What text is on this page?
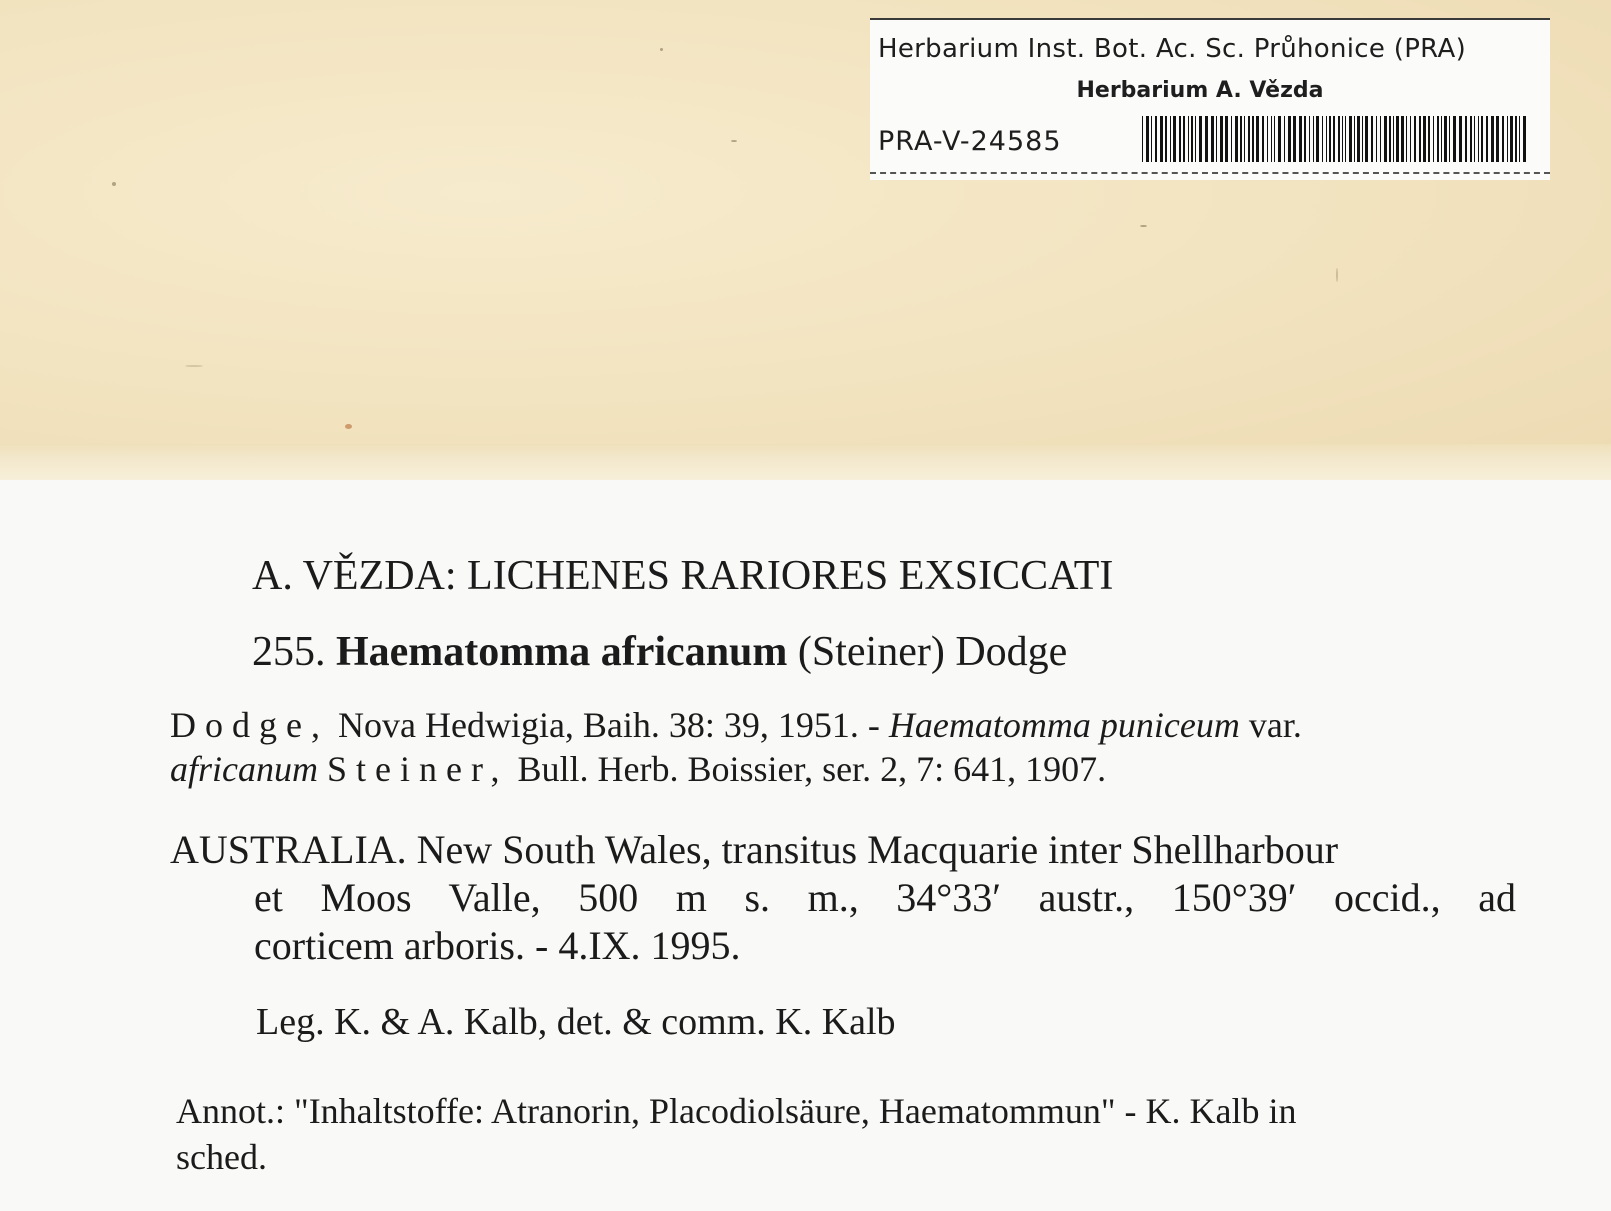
Herbarium Inst. Bot. Ac. Sc. Průhonice (PRA)
Herbarium A. Vězda
PRA-V-24585
A. VĚZDA: LICHENES RARIORES EXSICCATI
255. Haematomma africanum (Steiner) Dodge
Dodge, Nova Hedwigia, Baih. 38: 39, 1951. - Haematomma puniceum var.
africanum Steiner, Bull. Herb. Boissier, ser. 2, 7: 641, 1907.
AUSTRALIA. New South Wales, transitus Macquarie inter Shellharbour
et Moos Valle, 500 m s. m., 34°33′ austr., 150°39′ occid., ad
corticem arboris. - 4.IX. 1995.
Leg. K. & A. Kalb, det. & comm. K. Kalb
Annot.: "Inhaltstoffe: Atranorin, Placodiolsäure, Haematommun" - K. Kalb in
sched.
